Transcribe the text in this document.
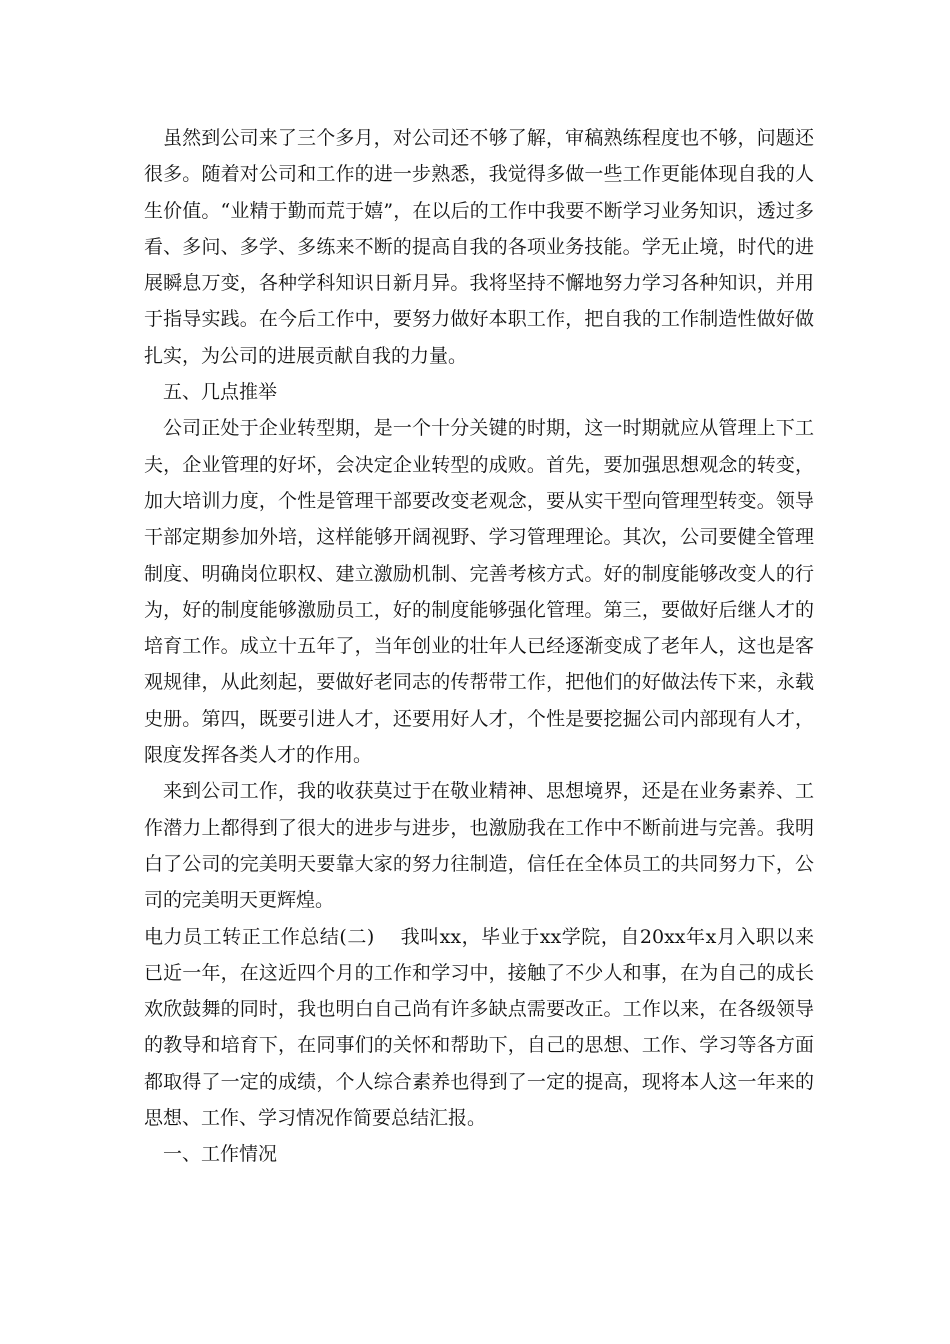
虽然到公司来了三个多月，对公司还不够了解，审稿熟练程度也不够，问题还很多。随着对公司和工作的进一步熟悉，我觉得多做一些工作更能体现自我的人生价值。“业精于勤而荒于嬉”，在以后的工作中我要不断学习业务知识，透过多看、多问、多学、多练来不断的提高自我的各项业务技能。学无止境，时代的进展瞬息万变，各种学科知识日新月异。我将坚持不懈地努力学习各种知识，并用于指导实践。在今后工作中，要努力做好本职工作，把自我的工作制造性做好做扎实，为公司的进展贡献自我的力量。

五、几点推举

公司正处于企业转型期，是一个十分关键的时期，这一时期就应从管理上下工夫，企业管理的好坏，会决定企业转型的成败。首先，要加强思想观念的转变，加大培训力度，个性是管理干部要改变老观念，要从实干型向管理型转变。领导干部定期参加外培，这样能够开阔视野、学习管理理论。其次，公司要健全管理制度、明确岗位职权、建立激励机制、完善考核方式。好的制度能够改变人的行为，好的制度能够激励员工，好的制度能够强化管理。第三，要做好后继人才的培育工作。成立十五年了，当年创业的壮年人已经逐渐变成了老年人，这也是客观规律，从此刻起，要做好老同志的传帮带工作，把他们的好做法传下来，永载史册。第四，既要引进人才，还要用好人才，个性是要挖掘公司内部现有人才，限度发挥各类人才的作用。

来到公司工作，我的收获莫过于在敬业精神、思想境界，还是在业务素养、工作潜力上都得到了很大的进步与进步，也激励我在工作中不断前进与完善。我明白了公司的完美明天要靠大家的努力往制造，信任在全体员工的共同努力下，公司的完美明天更辉煌。

电力员工转正工作总结(二) 我叫xx，毕业于xx学院，自20xx年x月入职以来已近一年，在这近四个月的工作和学习中，接触了不少人和事，在为自己的成长欢欣鼓舞的同时，我也明白自己尚有许多缺点需要改正。工作以来，在各级领导的教导和培育下，在同事们的关怀和帮助下，自己的思想、工作、学习等各方面都取得了一定的成绩，个人综合素养也得到了一定的提高，现将本人这一年来的思想、工作、学习情况作简要总结汇报。

一、工作情况
